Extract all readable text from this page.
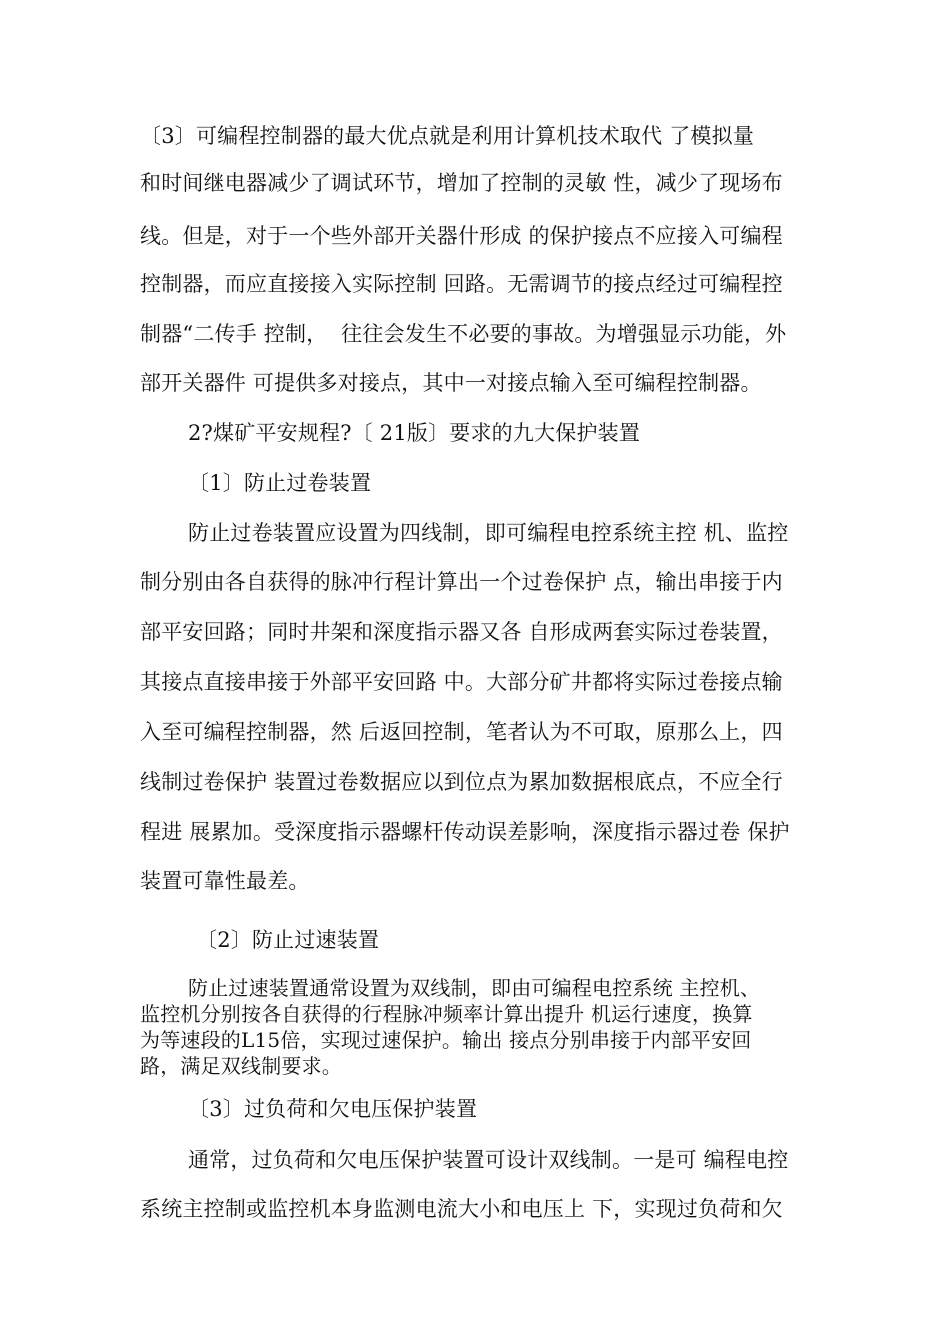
〔3〕可编程控制器的最大优点就是利用计算机技术取代 了模拟量
和时间继电器减少了调试环节，增加了控制的灵敏 性，减少了现场布
线。但是，对于一个些外部开关器什形成 的保护接点不应接入可编程
控制器，而应直接接入实际控制 回路。无需调节的接点经过可编程控
制器“二传手 控制，  往往会发生不必要的事故。为增强显示功能，外
部开关器件 可提供多对接点，其中一对接点输入至可编程控制器。
2?煤矿平安规程?〔 21版〕要求的九大保护装置
〔1〕防止过卷装置
防止过卷装置应设置为四线制，即可编程电控系统主控 机、监控
制分别由各自获得的脉冲行程计算出一个过卷保护 点，输出串接于内
部平安回路；同时井架和深度指示器又各 自形成两套实际过卷装置，
其接点直接串接于外部平安回路 中。大部分矿井都将实际过卷接点输
入至可编程控制器，然 后返回控制，笔者认为不可取，原那么上，四
线制过卷保护 装置过卷数据应以到位点为累加数据根底点，不应全行
程进 展累加。受深度指示器螺杆传动误差影响，深度指示器过卷 保护
装置可靠性最差。
〔2〕防止过速装置
防止过速装置通常设置为双线制，即由可编程电控系统 主控机、
监控机分别按各自获得的行程脉冲频率计算出提升 机运行速度，换算
为等速段的L15倍，实现过速保护。输出 接点分别串接于内部平安回
路，满足双线制要求。
〔3〕过负荷和欠电压保护装置
通常，过负荷和欠电压保护装置可设计双线制。一是可 编程电控
系统主控制或监控机本身监测电流大小和电压上 下，实现过负荷和欠
